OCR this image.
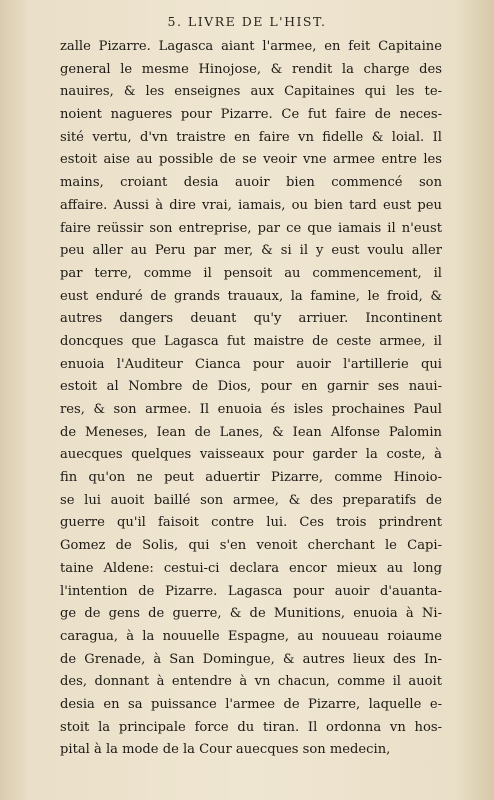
5. LIVRE DE L'HIST.
zalle Pizarre. Lagasca aiant l'armee, en feit Capitaine
general le mesme Hinojose, & rendit la charge des
nauires, & les enseignes aux Capitaines qui les te-
noient nagueres pour Pizarre. Ce fut faire de neces-
sité vertu, d'vn traistre en faire vn fidelle & loial. Il
estoit aise au possible de se veoir vne armee entre les
mains, croiant desia auoir bien commencé son
affaire. Aussi à dire vrai, iamais, ou bien tard eust peu
faire reüssir son entreprise, par ce que iamais il n'eust
peu aller au Peru par mer, & si il y eust voulu aller
par terre, comme il pensoit au commencement, il
eust enduré de grands trauaux, la famine, le froid, &
autres dangers deuant qu'y arriuer. Incontinent
doncques que Lagasca fut maistre de ceste armee, il
enuoia l'Auditeur Cianca pour auoir l'artillerie qui
estoit al Nombre de Dios, pour en garnir ses naui-
res, & son armee. Il enuoia és isles prochaines Paul
de Meneses, Iean de Lanes, & Iean Alfonse Palomin
auecques quelques vaisseaux pour garder la coste, à
fin qu'on ne peut aduertir Pizarre, comme Hinoio-
se lui auoit baillé son armee, & des preparatifs de
guerre qu'il faisoit contre lui. Ces trois prindrent
Gomez de Solis, qui s'en venoit cherchant le Capi-
taine Aldene: cestui-ci declara encor mieux au long
l'intention de Pizarre. Lagasca pour auoir d'auanta-
ge de gens de guerre, & de Munitions, enuoia à Ni-
caragua, à la nouuelle Espagne, au nouueau roiaume
de Grenade, à San Domingue, & autres lieux des In-
des, donnant à entendre à vn chacun, comme il auoit
desia en sa puissance l'armee de Pizarre, laquelle e-
stoit la principale force du tiran. Il ordonna vn hos-
pital à la mode de la Cour auecques son medecin,
